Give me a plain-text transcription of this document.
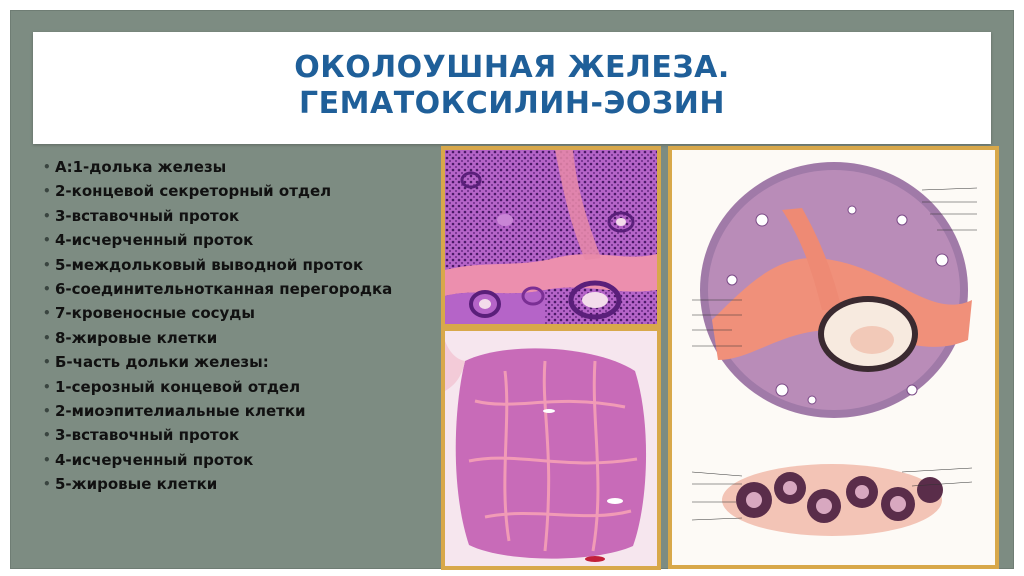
ОКОЛОУШНАЯ ЖЕЛЕЗА.
ГЕМАТОКСИЛИН-ЭОЗИН
• А:1-долька железы
• 2-концевой секреторный отдел
• 3-вставочный проток
• 4-исчерченный проток
• 5-междольковый выводной проток
• 6-соединительнотканная перегородка
• 7-кровеносные сосуды
• 8-жировые клетки
• Б-часть дольки железы:
• 1-серозный концевой отдел
• 2-миоэпителиальные клетки
• 3-вставочный проток
• 4-исчерченный проток
• 5-жировые клетки
